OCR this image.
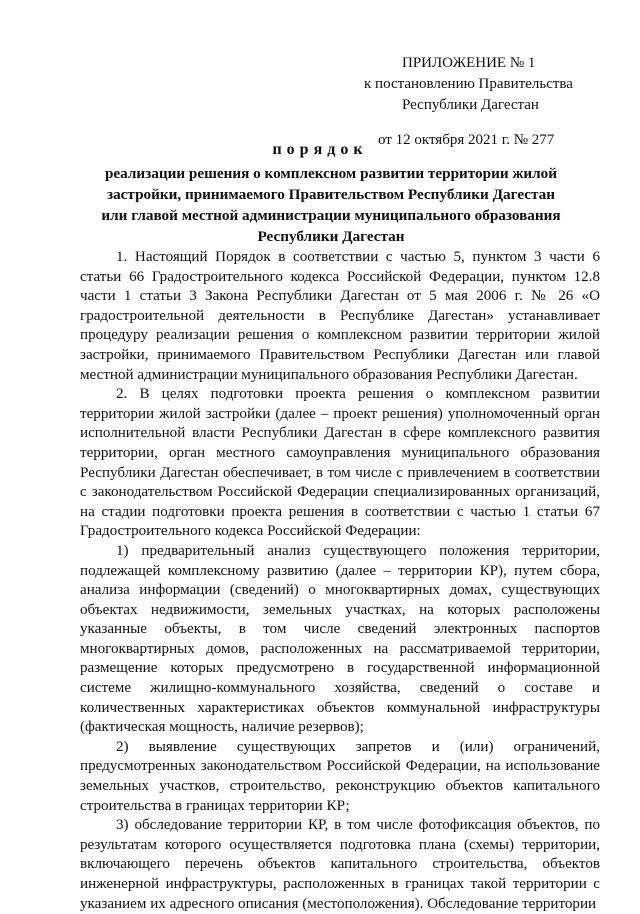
ПРИЛОЖЕНИЕ № 1
к постановлению Правительства
Республики Дагестан
от 12 октября 2021 г. № 277
порядок
реализации решения о комплексном развитии территории жилой застройки, принимаемого Правительством Республики Дагестан или главой местной администрации муниципального образования Республики Дагестан

1. Настоящий Порядок в соответствии с частью 5, пунктом 3 части 6 статьи 66 Градостроительного кодекса Российской Федерации, пунктом 12.8 части 1 статьи 3 Закона Республики Дагестан от 5 мая 2006 г. № 26 «О градостроительной деятельности в Республике Дагестан» устанавливает процедуру реализации решения о комплексном развитии территории жилой застройки, принимаемого Правительством Республики Дагестан или главой местной администрации муниципального образования Республики Дагестан.

2. В целях подготовки проекта решения о комплексном развитии территории жилой застройки (далее – проект решения) уполномоченный орган исполнительной власти Республики Дагестан в сфере комплексного развития территории, орган местного самоуправления муниципального образования Республики Дагестан обеспечивает, в том числе с привлечением в соответствии с законодательством Российской Федерации специализированных организаций, на стадии подготовки проекта решения в соответствии с частью 1 статьи 67 Градостроительного кодекса Российской Федерации:

1) предварительный анализ существующего положения территории, подлежащей комплексному развитию (далее – территории КР), путем сбора, анализа информации (сведений) о многоквартирных домах, существующих объектах недвижимости, земельных участках, на которых расположены указанные объекты, в том числе сведений электронных паспортов многоквартирных домов, расположенных на рассматриваемой территории, размещение которых предусмотрено в государственной информационной системе жилищно-коммунального хозяйства, сведений о составе и количественных характеристиках объектов коммунальной инфраструктуры (фактическая мощность, наличие резервов);

2) выявление существующих запретов и (или) ограничений, предусмотренных законодательством Российской Федерации, на использование земельных участков, строительство, реконструкцию объектов капитального строительства в границах территории КР;

3) обследование территории КР, в том числе фотофиксация объектов, по результатам которого осуществляется подготовка плана (схемы) территории, включающего перечень объектов капитального строительства, объектов инженерной инфраструктуры, расположенных в границах такой территории с указанием их адресного описания (местоположения). Обследование территории
